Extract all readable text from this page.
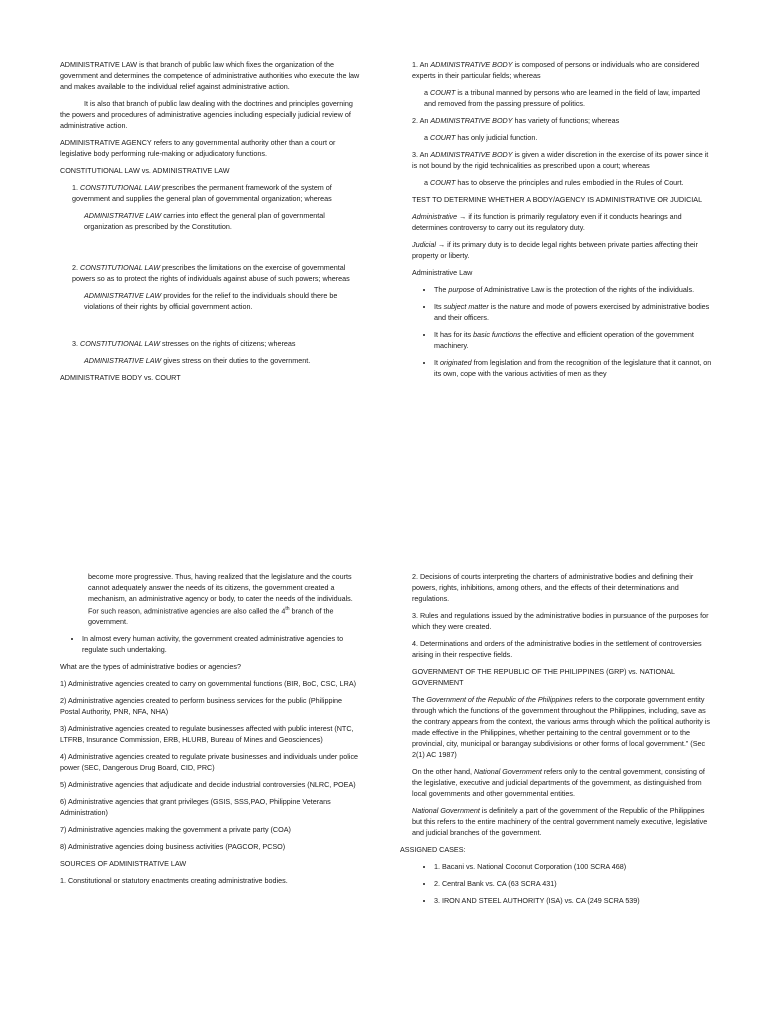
ADMINISTRATIVE LAW is that branch of public law which fixes the organization of the government and determines the competence of administrative authorities who execute the law and makes available to the individual relief against administrative action.

It is also that branch of public law dealing with the doctrines and principles governing the powers and procedures of administrative agencies including especially judicial review of administrative action.

ADMINISTRATIVE AGENCY refers to any governmental authority other than a court or legislative body performing rule-making or adjudicatory functions.

CONSTITUTIONAL LAW vs. ADMINISTRATIVE LAW

1. CONSTITUTIONAL LAW prescribes the permanent framework of the system of government and supplies the general plan of governmental organization; whereas

ADMINISTRATIVE LAW carries into effect the general plan of governmental organization as prescribed by the Constitution.

2. CONSTITUTIONAL LAW prescribes the limitations on the exercise of governmental powers so as to protect the rights of individuals against abuse of such powers; whereas

ADMINISTRATIVE LAW provides for the relief to the individuals should there be violations of their rights by official government action.

3. CONSTITUTIONAL LAW stresses on the rights of citizens; whereas

ADMINISTRATIVE LAW gives stress on their duties to the government.

ADMINISTRATIVE BODY vs. COURT

1. An ADMINISTRATIVE BODY is composed of persons or individuals who are considered experts in their particular fields; whereas

a COURT is a tribunal manned by persons who are learned in the field of law, imparted and removed from the passing pressure of politics.

2. An ADMINISTRATIVE BODY has variety of functions; whereas

a COURT has only judicial function.

3. An ADMINISTRATIVE BODY is given a wider discretion in the exercise of its power since it is not bound by the rigid technicalities as prescribed upon a court; whereas

a COURT has to observe the principles and rules embodied in the Rules of Court.

TEST TO DETERMINE WHETHER A BODY/AGENCY IS ADMINISTRATIVE OR JUDICIAL

Administrative → if its function is primarily regulatory even if it conducts hearings and determines controversy to carry out its regulatory duty.

Judicial → if its primary duty is to decide legal rights between private parties affecting their property or liberty.

Administrative Law

• The purpose of Administrative Law is the protection of the rights of the individuals.
• Its subject matter is the nature and mode of powers exercised by administrative bodies and their officers.
• It has for its basic functions the effective and efficient operation of the government machinery.
• It originated from legislation and from the recognition of the legislature that it cannot, on its own, cope with the various activities of men as they

become more progressive. Thus, having realized that the legislature and the courts cannot adequately answer the needs of its citizens, the government created a mechanism, an administrative agency or body, to cater the needs of the individuals. For such reason, administrative agencies are also called the 4th branch of the government.

• In almost every human activity, the government created administrative agencies to regulate such undertaking.

What are the types of administrative bodies or agencies?

1) Administrative agencies created to carry on governmental functions (BIR, BoC, CSC, LRA)

2) Administrative agencies created to perform business services for the public (Philippine Postal Authority, PNR, NFA, NHA)

3) Administrative agencies created to regulate businesses affected with public interest (NTC, LTFRB, Insurance Commission, ERB, HLURB, Bureau of Mines and Geosciences)

4) Administrative agencies created to regulate private businesses and individuals under police power (SEC, Dangerous Drug Board, CID, PRC)

5) Administrative agencies that adjudicate and decide industrial controversies (NLRC, POEA)

6) Administrative agencies that grant privileges (GSIS, SSS,PAO, Philippine Veterans Administration)

7) Administrative agencies making the government a private party (COA)

8) Administrative agencies doing business activities (PAGCOR, PCSO)

SOURCES OF ADMINISTRATIVE LAW

1. Constitutional or statutory enactments creating administrative bodies.

2. Decisions of courts interpreting the charters of administrative bodies and defining their powers, rights, inhibitions, among others, and the effects of their determinations and regulations.

3. Rules and regulations issued by the administrative bodies in pursuance of the purposes for which they were created.

4. Determinations and orders of the administrative bodies in the settlement of controversies arising in their respective fields.

GOVERNMENT OF THE REPUBLIC OF THE PHILIPPINES (GRP) vs. NATIONAL GOVERNMENT

The Government of the Republic of the Philippines refers to the corporate government entity through which the functions of the government throughout the Philippines, including, save as the contrary appears from the context, the various arms through which the political authority is made effective in the Philippines, whether pertaining to the central government or to the provincial, city, municipal or barangay subdivisions or other forms of local government.” (Sec 2(1) AC 1987)

On the other hand, National Government refers only to the central government, consisting of the legislative, executive and judicial departments of the government, as distinguished from local governments and other governmental entities.

National Government is definitely a part of the government of the Republic of the Philippines but this refers to the entire machinery of the central government namely executive, legislative and judicial branches of the government.

ASSIGNED CASES:

• 1. Bacani vs. National Coconut Corporation (100 SCRA 468)
• 2. Central Bank vs. CA (63 SCRA 431)
• 3. IRON AND STEEL AUTHORITY (ISA) vs. CA (249 SCRA 539)
